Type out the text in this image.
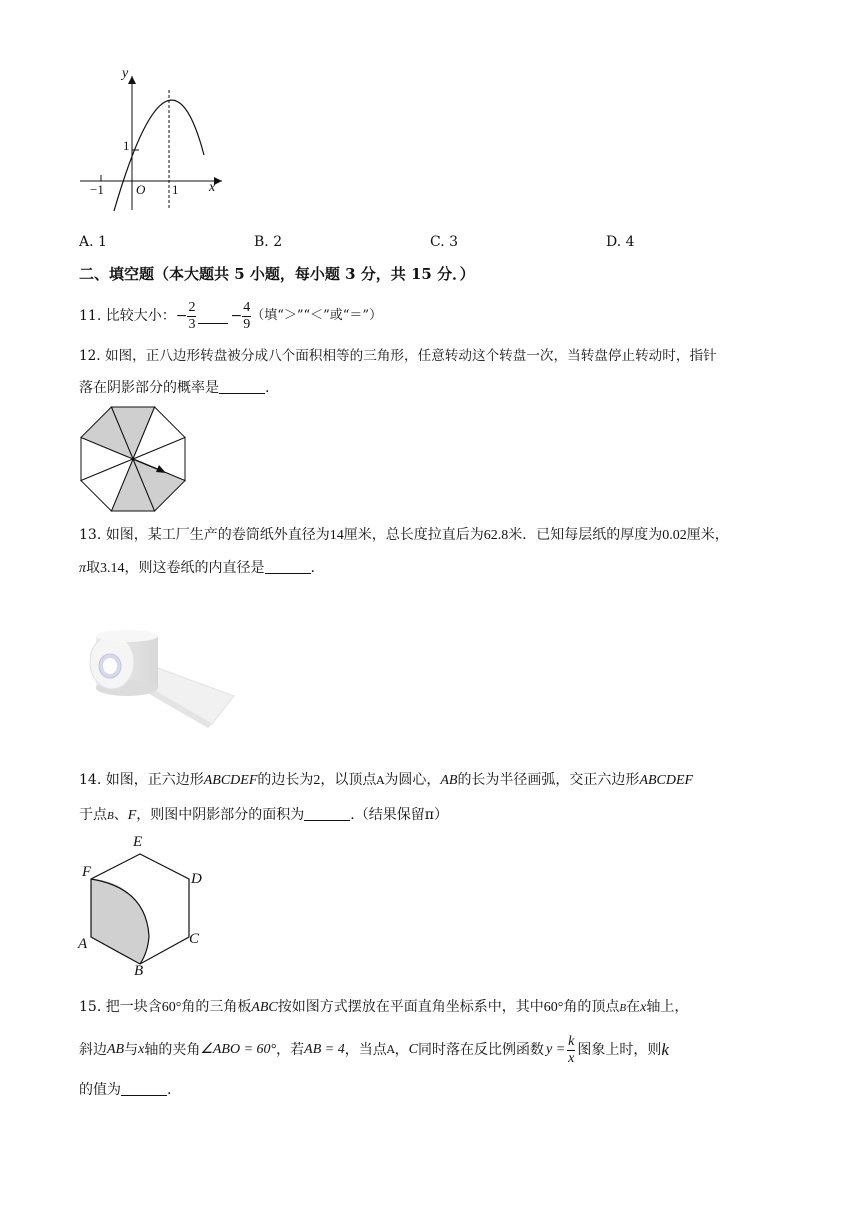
y
x
1
−1 O 1
A. 1	B. 2	C. 3	D. 4
二、填空题（本大题共 5 小题，每小题 3 分，共 15 分．）
11. 比较大小： − $\frac{2}{3} - \frac{4}{9}$ （填“＞”“＜”或“＝”）
12. 如图，正八边形转盘被分成八个面积相等的三角形，任意转动这个转盘一次，当转盘停止转动时，指针
落在阴影部分的概率是	.
13. 如图，某工厂生产的卷筒纸外直径为14厘米，总长度拉直后为62.8米．已知每层纸的厚度为0.02厘米，
π取3.14，则这卷纸的内直径是	.
14. 如图，正六边形ABCDEF的边长为2，以顶点A为圆心，AB的长为半径画弧，交正六边形ABCDEF
于点B、F，则图中阴影部分的面积为	.（结果保留π）
E
D
F
C
A
B
15. 把一块含60°角的三角板ABC按如图方式摆放在平面直角坐标系中，其中60°角的顶点B在x轴上，
斜边 AB 与 x 轴的夹角 ∠ABO = 60° ，若 AB = 4 ，当点 A ， C 同时落在反比例函数 $y = \frac{k}{x}$ 图象上时，则 k
的值为	.
